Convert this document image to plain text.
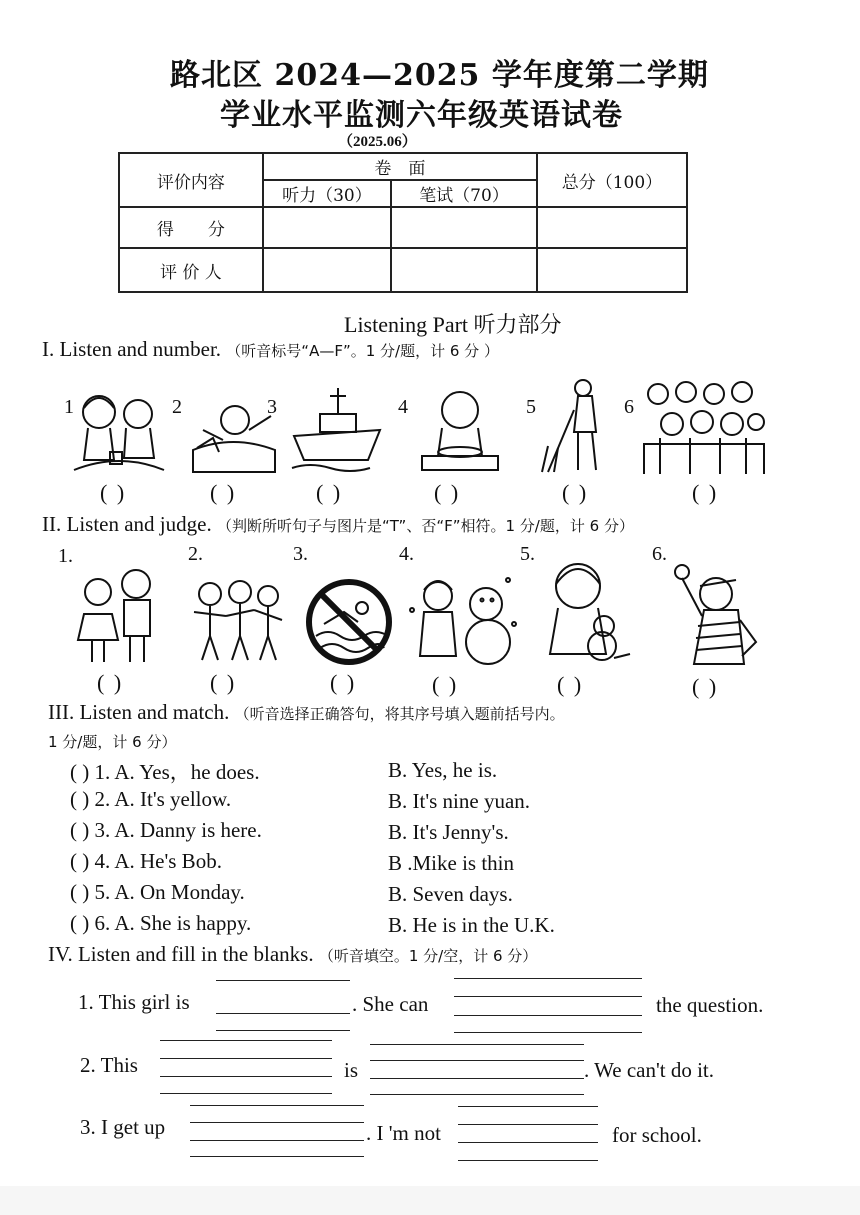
路北区 2024—2025 学年度第二学期
学业水平监测六年级英语试卷
（2025.06）
评价内容	卷　面		总分（100）
	听力（30）	笔试（70）	
得　　分			
评 价 人			
Listening Part 听力部分
I. Listen and number. （听音标号“A—F”。1 分/题，计 6 分 ）
1	2	3	4	5	6
( )	( )	( )	( )	( )	( )
II. Listen and judge. （判断所听句子与图片是“T”、否“F”相符。1 分/题，计 6 分）
1.	2.	3.	4.	5.	6.
( )	( )	( )	( )	( )	( )
III. Listen and match. （听音选择正确答句，将其序号填入题前括号内。
1 分/题，计 6 分）
( ) 1. A. Yes，he does.	B. Yes, he is.
( ) 2. A. It's yellow.	B. It's nine yuan.
( ) 3. A. Danny is here.	B. It's Jenny's.
( ) 4. A. He's Bob.	B .Mike is thin
( ) 5. A. On Monday.	B. Seven days.
( ) 6. A. She is happy.	B. He is in the U.K.
IV. Listen and fill in the blanks. （听音填空。1 分/空，计 6 分）
1. This girl is	. She can	the question.
2. This	is	. We can't do it.
3. I get up	. I 'm not	for school.
